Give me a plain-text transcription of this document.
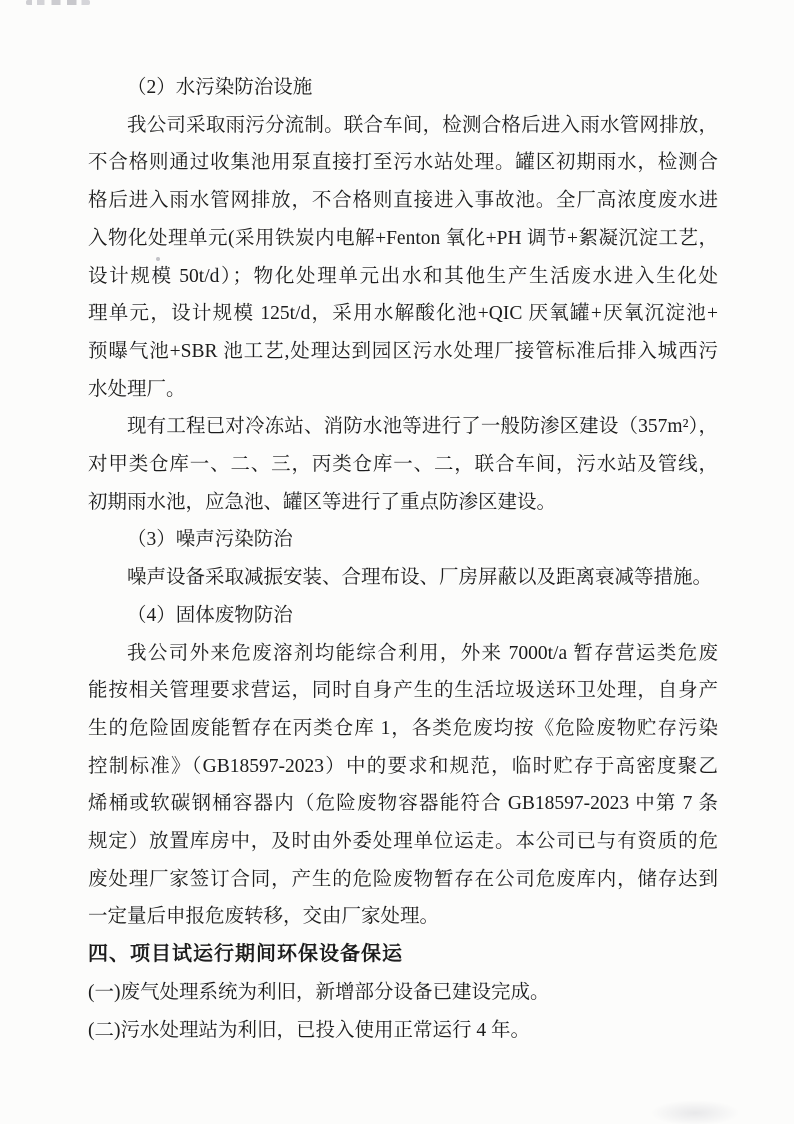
（2）水污染防治设施
我公司采取雨污分流制。联合车间，检测合格后进入雨水管网排放，
不合格则通过收集池用泵直接打至污水站处理。罐区初期雨水，检测合
格后进入雨水管网排放，不合格则直接进入事故池。全厂高浓度废水进
入物化处理单元(采用铁炭内电解+Fenton 氧化+PH 调节+絮凝沉淀工艺，
设计规模 50t/d）；物化处理单元出水和其他生产生活废水进入生化处
理单元，设计规模 125t/d，采用水解酸化池+QIC 厌氧罐+厌氧沉淀池+
预曝气池+SBR 池工艺,处理达到园区污水处理厂接管标准后排入城西污
水处理厂。
现有工程已对冷冻站、消防水池等进行了一般防渗区建设（357m²），
对甲类仓库一、二、三，丙类仓库一、二，联合车间，污水站及管线，
初期雨水池，应急池、罐区等进行了重点防渗区建设。
（3）噪声污染防治
噪声设备采取减振安装、合理布设、厂房屏蔽以及距离衰减等措施。
（4）固体废物防治
我公司外来危废溶剂均能综合利用，外来 7000t/a 暂存营运类危废
能按相关管理要求营运，同时自身产生的生活垃圾送环卫处理，自身产
生的危险固废能暂存在丙类仓库 1，各类危废均按《危险废物贮存污染
控制标准》（GB18597-2023）中的要求和规范，临时贮存于高密度聚乙
烯桶或软碳钢桶容器内（危险废物容器能符合 GB18597-2023 中第 7 条
规定）放置库房中，及时由外委处理单位运走。本公司已与有资质的危
废处理厂家签订合同，产生的危险废物暂存在公司危废库内，储存达到
一定量后申报危废转移，交由厂家处理。
四、项目试运行期间环保设备保运
(一)废气处理系统为利旧，新增部分设备已建设完成。
(二)污水处理站为利旧，已投入使用正常运行 4 年。
